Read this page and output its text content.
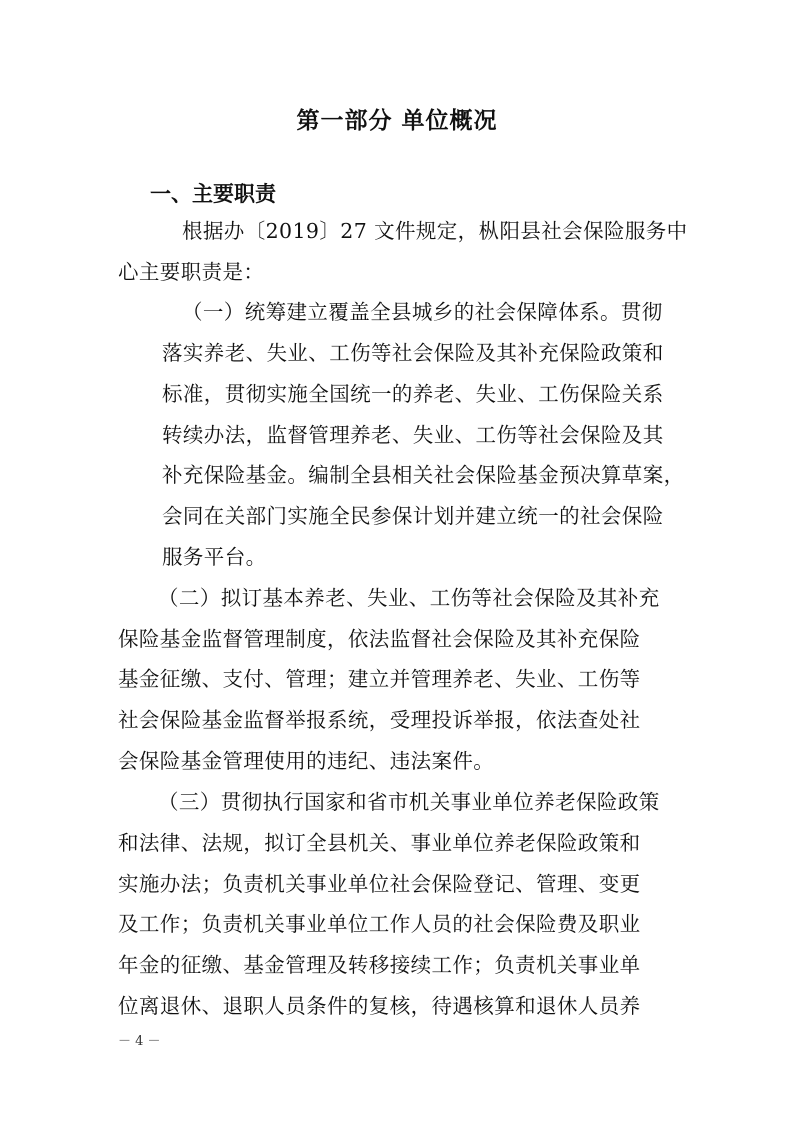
第一部分 单位概况
一、主要职责
根据办〔2019〕27 文件规定，枞阳县社会保险服务中
心主要职责是：
（一）统筹建立覆盖全县城乡的社会保障体系。贯彻
落实养老、失业、工伤等社会保险及其补充保险政策和
标准，贯彻实施全国统一的养老、失业、工伤保险关系
转续办法，监督管理养老、失业、工伤等社会保险及其
补充保险基金。编制全县相关社会保险基金预决算草案，
会同在关部门实施全民参保计划并建立统一的社会保险
服务平台。
（二）拟订基本养老、失业、工伤等社会保险及其补充
保险基金监督管理制度，依法监督社会保险及其补充保险
基金征缴、支付、管理；建立并管理养老、失业、工伤等
社会保险基金监督举报系统，受理投诉举报，依法查处社
会保险基金管理使用的违纪、违法案件。
（三）贯彻执行国家和省市机关事业单位养老保险政策
和法律、法规，拟订全县机关、事业单位养老保险政策和
实施办法；负责机关事业单位社会保险登记、管理、变更
及工作；负责机关事业单位工作人员的社会保险费及职业
年金的征缴、基金管理及转移接续工作；负责机关事业单
位离退休、退职人员条件的复核，待遇核算和退休人员养
－ 4 －
